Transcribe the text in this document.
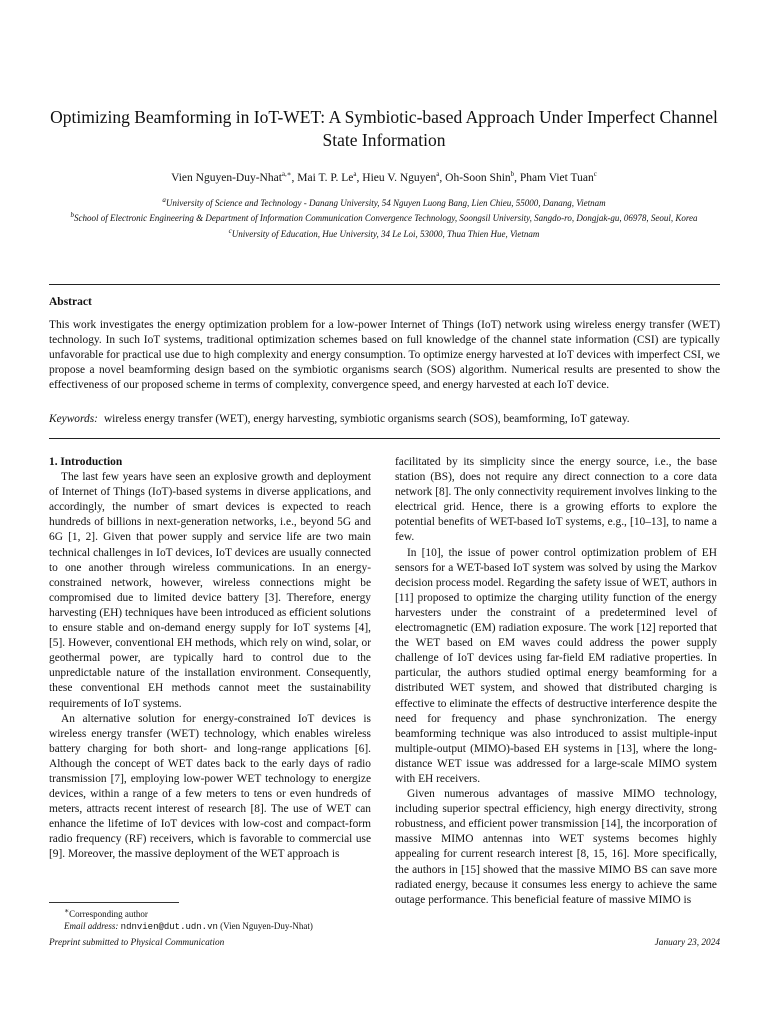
Optimizing Beamforming in IoT-WET: A Symbiotic-based Approach Under Imperfect Channel State Information
Vien Nguyen-Duy-Nhat$^{a,∗}$, Mai T. P. Le$^a$, Hieu V. Nguyen$^a$, Oh-Soon Shin$^b$, Pham Viet Tuan$^c$
$^a$University of Science and Technology - Danang University, 54 Nguyen Luong Bang, Lien Chieu, 55000, Danang, Vietnam
$^b$School of Electronic Engineering & Department of Information Communication Convergence Technology, Soongsil University, Sangdo-ro, Dongjak-gu, 06978, Seoul, Korea
$^c$University of Education, Hue University, 34 Le Loi, 53000, Thua Thien Hue, Vietnam
Abstract
This work investigates the energy optimization problem for a low-power Internet of Things (IoT) network using wireless energy transfer (WET) technology. In such IoT systems, traditional optimization schemes based on full knowledge of the channel state information (CSI) are typically unfavorable for practical use due to high complexity and energy consumption. To optimize energy harvested at IoT devices with imperfect CSI, we propose a novel beamforming design based on the symbiotic organisms search (SOS) algorithm. Numerical results are presented to show the effectiveness of our proposed scheme in terms of complexity, convergence speed, and energy harvested at each IoT device.
Keywords: wireless energy transfer (WET), energy harvesting, symbiotic organisms search (SOS), beamforming, IoT gateway.
1. Introduction

The last few years have seen an explosive growth and deployment of Internet of Things (IoT)-based systems in diverse applications, and accordingly, the number of smart devices is expected to reach hundreds of billions in next-generation networks, i.e., beyond 5G and 6G [1, 2]. Given that power supply and service life are two main technical challenges in IoT devices, IoT devices are usually connected to one another through wireless communications. In an energy-constrained network, however, wireless connections might be compromised due to limited device battery [3]. Therefore, energy harvesting (EH) techniques have been introduced as efficient solutions to ensure stable and on-demand energy supply for IoT systems [4], [5]. However, conventional EH methods, which rely on wind, solar, or geothermal power, are typically hard to control due to the unpredictable nature of the installation environment. Consequently, these conventional EH methods cannot meet the sustainability requirements of IoT systems.

An alternative solution for energy-constrained IoT devices is wireless energy transfer (WET) technology, which enables wireless battery charging for both short- and long-range applications [6]. Although the concept of WET dates back to the early days of radio transmission [7], employing low-power WET technology to energize devices, within a range of a few meters to tens or even hundreds of meters, attracts recent interest of research [8]. The use of WET can enhance the lifetime of IoT devices with low-cost and compact-form radio frequency (RF) receivers, which is favorable to commercial use [9]. Moreover, the massive deployment of the WET approach is

facilitated by its simplicity since the energy source, i.e., the base station (BS), does not require any direct connection to a core data network [8]. The only connectivity requirement involves linking to the electrical grid. Hence, there is a growing efforts to explore the potential benefits of WET-based IoT systems, e.g., [10–13], to name a few.

In [10], the issue of power control optimization problem of EH sensors for a WET-based IoT system was solved by using the Markov decision process model. Regarding the safety issue of WET, authors in [11] proposed to optimize the charging utility function of the energy harvesters under the constraint of a predetermined level of electromagnetic (EM) radiation exposure. The work [12] reported that the WET based on EM waves could address the power supply challenge of IoT devices using far-field EM radiative properties. In particular, the authors studied optimal energy beamforming for a distributed WET system, and showed that distributed charging is effective to eliminate the effects of destructive interference despite the need for frequency and phase synchronization. The energy beamforming technique was also introduced to assist multiple-input multiple-output (MIMO)-based EH systems in [13], where the long-distance WET issue was addressed for a large-scale MIMO system with EH receivers.

Given numerous advantages of massive MIMO technology, including superior spectral efficiency, high energy directivity, strong robustness, and efficient power transmission [14], the incorporation of massive MIMO antennas into WET systems becomes highly appealing for current research interest [8, 15, 16]. More specifically, the authors in [15] showed that the massive MIMO BS can save more radiated energy, because it consumes less energy to achieve the same outage performance. This beneficial feature of massive MIMO is

∗Corresponding author
Email address: ndnvien@dut.udn.vn (Vien Nguyen-Duy-Nhat)
Preprint submitted to Physical Communication	January 23, 2024
